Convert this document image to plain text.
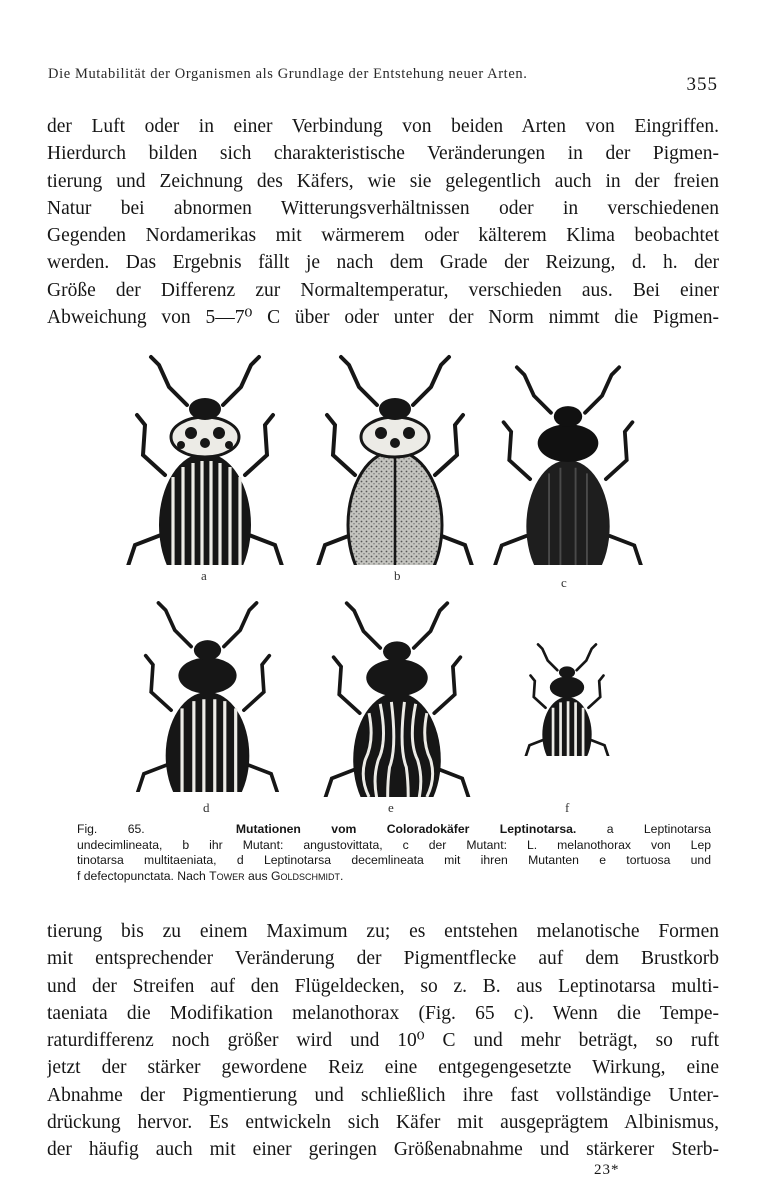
Die Mutabilität der Organismen als Grundlage der Entstehung neuer Arten.	355
der Luft oder in einer Verbindung von beiden Arten von Eingriffen.
Hierdurch bilden sich charakteristische Veränderungen in der Pigmen-
tierung und Zeichnung des Käfers, wie sie gelegentlich auch in der freien
Natur bei abnormen Witterungsverhältnissen oder in verschiedenen
Gegenden Nordamerikas mit wärmerem oder kälterem Klima beobachtet
werden. Das Ergebnis fällt je nach dem Grade der Reizung, d. h. der
Größe der Differenz zur Normaltemperatur, verschieden aus. Bei einer
Abweichung von 5—7⁰ C über oder unter der Norm nimmt die Pigmen-
a	b	c
d	e	f
Fig. 65.	Mutationen vom Coloradokäfer Leptinotarsa. a Leptinotarsa
undecimlineata, b ihr Mutant: angustovittata, c der Mutant: L. melanothorax von Lep
tinotarsa multitaeniata, d Leptinotarsa decemlineata mit ihren Mutanten e tortuosa und
f defectopunctata. Nach Tower aus Goldschmidt.
tierung bis zu einem Maximum zu; es entstehen melanotische Formen
mit entsprechender Veränderung der Pigmentflecke auf dem Brustkorb
und der Streifen auf den Flügeldecken, so z. B. aus Leptinotarsa multi-
taeniata die Modifikation melanothorax (Fig. 65 c). Wenn die Tempe-
raturdifferenz noch größer wird und 10⁰ C und mehr beträgt, so ruft
jetzt der stärker gewordene Reiz eine entgegengesetzte Wirkung, eine
Abnahme der Pigmentierung und schließlich ihre fast vollständige Unter-
drückung hervor. Es entwickeln sich Käfer mit ausgeprägtem Albinismus,
der häufig auch mit einer geringen Größenabnahme und stärkerer Sterb-
23*
